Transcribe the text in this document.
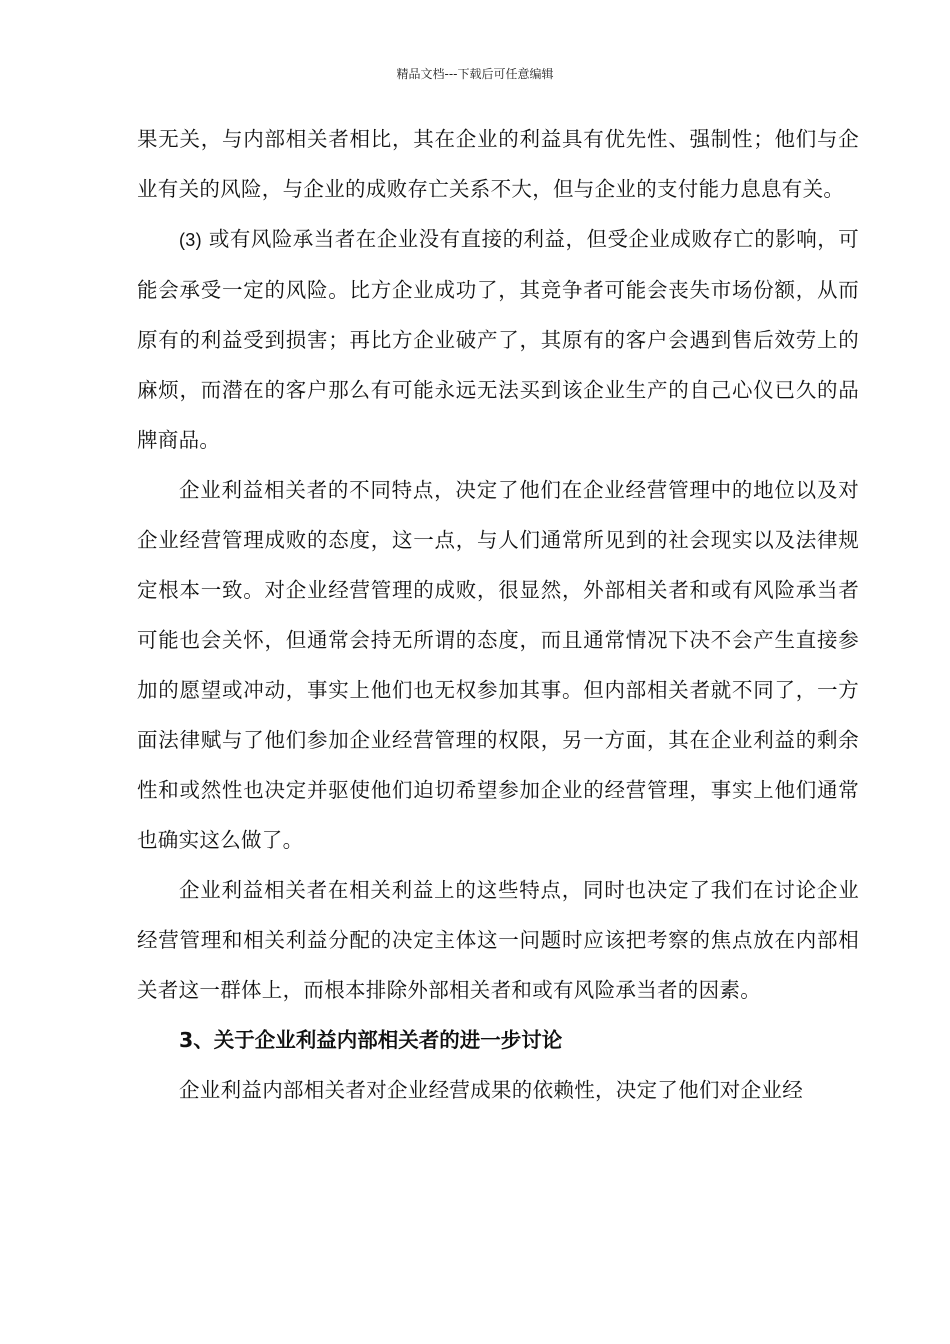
精品文档---下载后可任意编辑

果无关，与内部相关者相比，其在企业的利益具有优先性、强制性；他们与企业有关的风险，与企业的成败存亡关系不大，但与企业的支付能力息息有关。

(3) 或有风险承当者在企业没有直接的利益，但受企业成败存亡的影响，可能会承受一定的风险。比方企业成功了，其竞争者可能会丧失市场份额，从而原有的利益受到损害；再比方企业破产了，其原有的客户会遇到售后效劳上的麻烦，而潜在的客户那么有可能永远无法买到该企业生产的自己心仪已久的品牌商品。

企业利益相关者的不同特点，决定了他们在企业经营管理中的地位以及对企业经营管理成败的态度，这一点，与人们通常所见到的社会现实以及法律规定根本一致。对企业经营管理的成败，很显然，外部相关者和或有风险承当者可能也会关怀，但通常会持无所谓的态度，而且通常情况下决不会产生直接参加的愿望或冲动，事实上他们也无权参加其事。但内部相关者就不同了，一方面法律赋与了他们参加企业经营管理的权限，另一方面，其在企业利益的剩余性和或然性也决定并驱使他们迫切希望参加企业的经营管理，事实上他们通常也确实这么做了。

企业利益相关者在相关利益上的这些特点，同时也决定了我们在讨论企业经营管理和相关利益分配的决定主体这一问题时应该把考察的焦点放在内部相关者这一群体上，而根本排除外部相关者和或有风险承当者的因素。

3、关于企业利益内部相关者的进一步讨论

企业利益内部相关者对企业经营成果的依赖性，决定了他们对企业经
